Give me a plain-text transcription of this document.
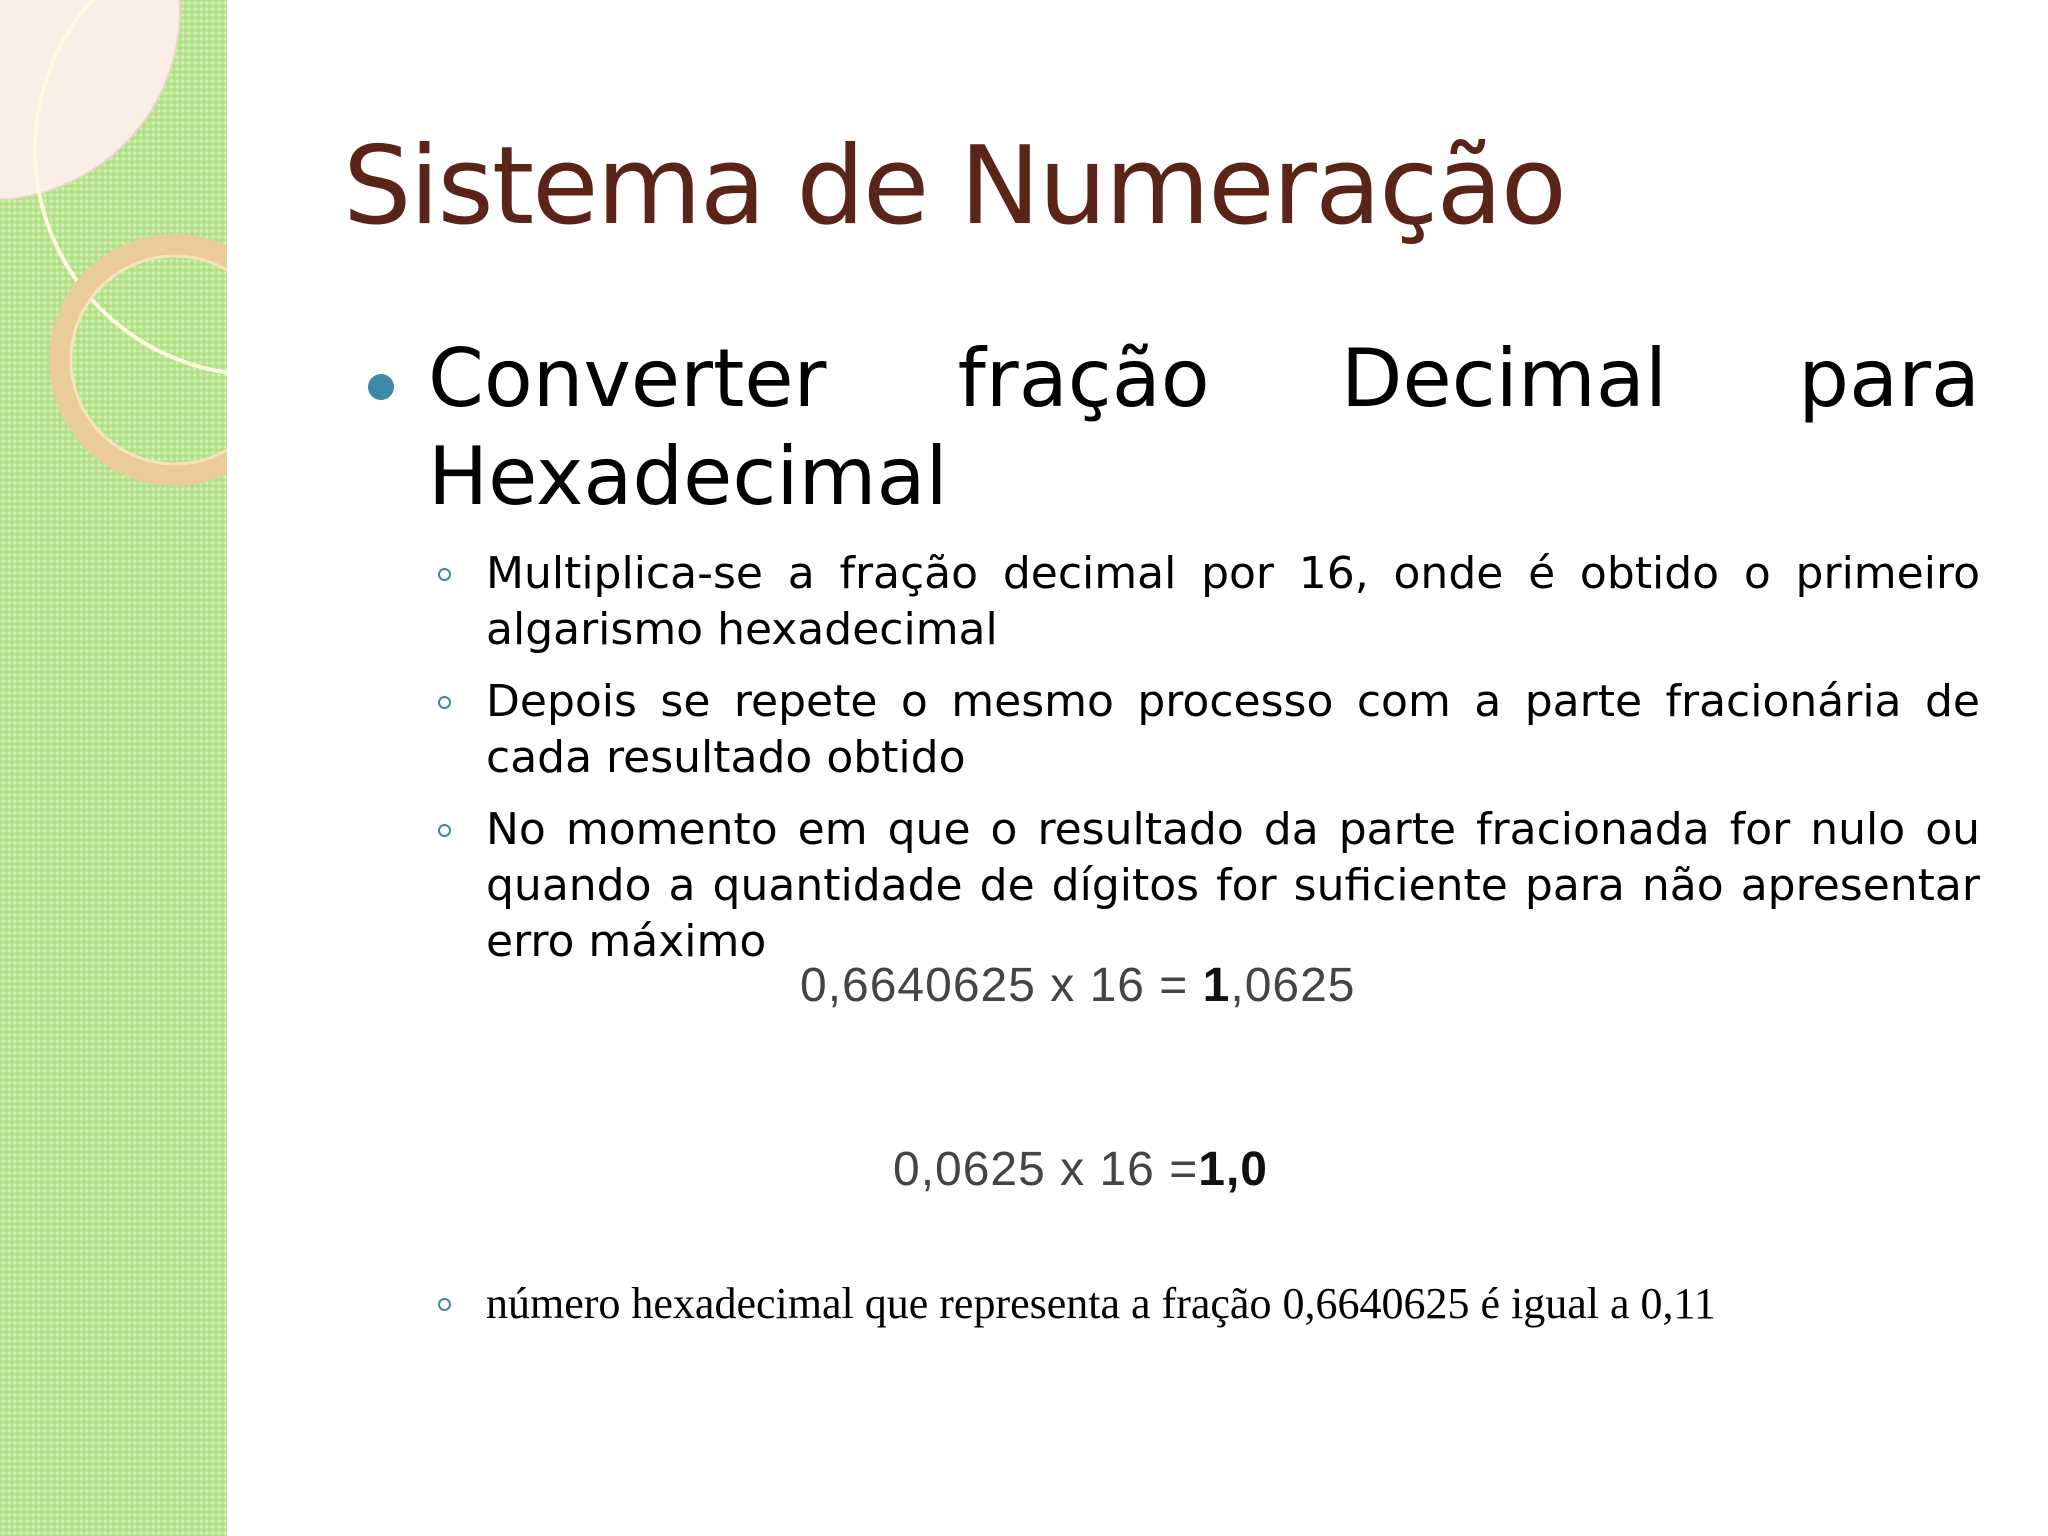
Sistema de Numeração
Converter fração Decimal para Hexadecimal
Multiplica-se a fração decimal por 16, onde é obtido o primeiro algarismo hexadecimal
Depois se repete o mesmo processo com a parte fracionária de cada resultado obtido
No momento em que o resultado da parte fracionada for nulo ou quando a quantidade de dígitos for suficiente para não apresentar erro máximo

0,6640625 x 16 = 1,0625

0,0625 x 16 =1,0

número hexadecimal que representa a fração 0,6640625 é igual a 0,11
